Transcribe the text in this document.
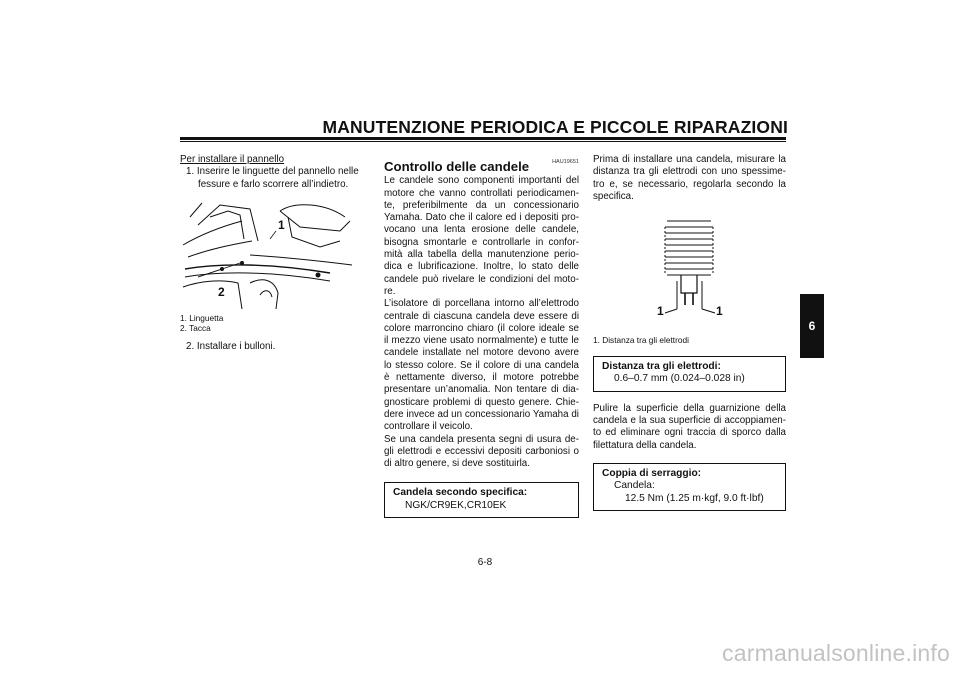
MANUTENZIONE PERIODICA E PICCOLE RIPARAZIONI
Per installare il pannello
1. Inserire le linguette del pannello nelle fessure e farlo scorrere all’indietro.
1
2
1. Linguetta
2. Tacca
2. Installare i bulloni.
HAU19651
Controllo delle candele
Le candele sono componenti importanti del motore che vanno controllati periodicamen- te, preferibilmente da un concessionario Yamaha. Dato che il calore ed i depositi pro- vocano una lenta erosione delle candele, bisogna smontarle e controllarle in confor- mità alla tabella della manutenzione perio- dica e lubrificazione. Inoltre, lo stato delle candele può rivelare le condizioni del moto- re.
L’isolatore di porcellana intorno all’elettrodo centrale di ciascuna candela deve essere di colore marroncino chiaro (il colore ideale se il mezzo viene usato normalmente) e tutte le candele installate nel motore devono avere lo stesso colore. Se il colore di una candela è nettamente diverso, il motore potrebbe presentare un’anomalia. Non tentare di dia- gnosticare problemi di questo genere. Chie- dere invece ad un concessionario Yamaha di controllare il veicolo.
Se una candela presenta segni di usura de- gli elettrodi e eccessivi depositi carboniosi o di altro genere, si deve sostituirla.
Candela secondo specifica:
NGK/CR9EK,CR10EK
Prima di installare una candela, misurare la distanza tra gli elettrodi con uno spessime- tro e, se necessario, regolarla secondo la specifica.
1	1
1. Distanza tra gli elettrodi
Distanza tra gli elettrodi:
0.6–0.7 mm (0.024–0.028 in)
Pulire la superficie della guarnizione della candela e la sua superficie di accoppiamen- to ed eliminare ogni traccia di sporco dalla filettatura della candela.
Coppia di serraggio:
Candela:
12.5 Nm (1.25 m·kgf, 9.0 ft·lbf)
6
6-8
carmanualsonline.info
